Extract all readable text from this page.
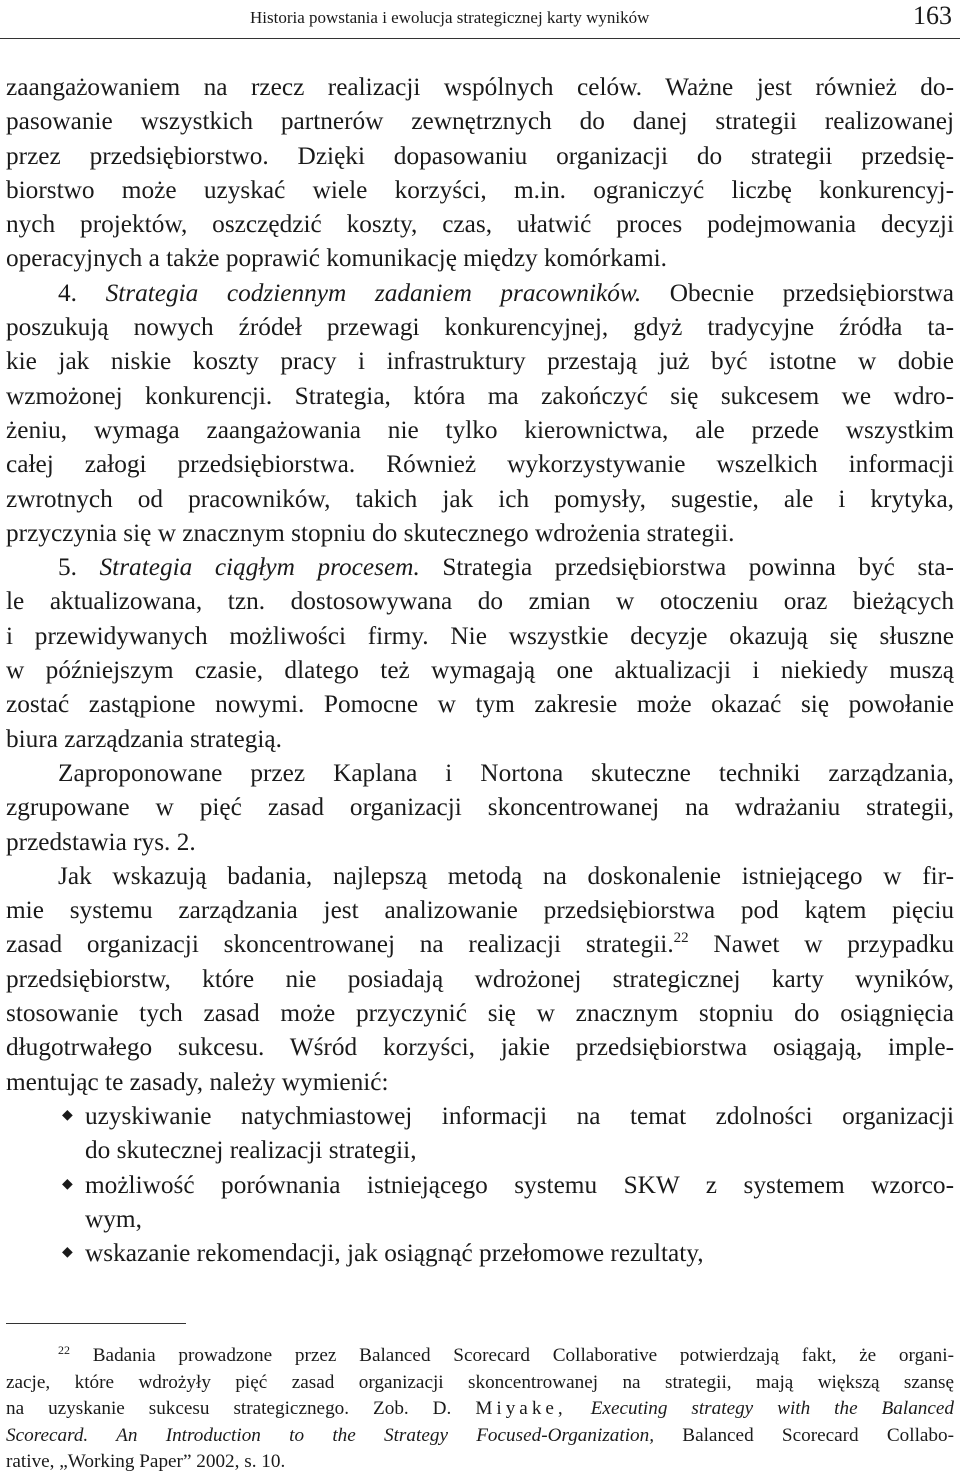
Historia powstania i ewolucja strategicznej karty wyników	163
zaangażowaniem na rzecz realizacji wspólnych celów. Ważne jest również do-
pasowanie wszystkich partnerów zewnętrznych do danej strategii realizowanej
przez przedsiębiorstwo. Dzięki dopasowaniu organizacji do strategii przedsię-
biorstwo może uzyskać wiele korzyści, m.in. ograniczyć liczbę konkurencyj-
nych projektów, oszczędzić koszty, czas, ułatwić proces podejmowania decyzji
operacyjnych a także poprawić komunikację między komórkami.
4. Strategia codziennym zadaniem pracowników. Obecnie przedsiębiorstwa
poszukują nowych źródeł przewagi konkurencyjnej, gdyż tradycyjne źródła ta-
kie jak niskie koszty pracy i infrastruktury przestają już być istotne w dobie
wzmożonej konkurencji. Strategia, która ma zakończyć się sukcesem we wdro-
żeniu, wymaga zaangażowania nie tylko kierownictwa, ale przede wszystkim
całej załogi przedsiębiorstwa. Również wykorzystywanie wszelkich informacji
zwrotnych od pracowników, takich jak ich pomysły, sugestie, ale i krytyka,
przyczynia się w znacznym stopniu do skutecznego wdrożenia strategii.
5. Strategia ciągłym procesem. Strategia przedsiębiorstwa powinna być sta-
le aktualizowana, tzn. dostosowywana do zmian w otoczeniu oraz bieżących
i przewidywanych możliwości firmy. Nie wszystkie decyzje okazują się słuszne
w późniejszym czasie, dlatego też wymagają one aktualizacji i niekiedy muszą
zostać zastąpione nowymi. Pomocne w tym zakresie może okazać się powołanie
biura zarządzania strategią.
Zaproponowane przez Kaplana i Nortona skuteczne techniki zarządzania,
zgrupowane w pięć zasad organizacji skoncentrowanej na wdrażaniu strategii,
przedstawia rys. 2.
Jak wskazują badania, najlepszą metodą na doskonalenie istniejącego w fir-
mie systemu zarządzania jest analizowanie przedsiębiorstwa pod kątem pięciu
zasad organizacji skoncentrowanej na realizacji strategii.$^{22}$ Nawet w przypadku
przedsiębiorstw, które nie posiadają wdrożonej strategicznej karty wyników,
stosowanie tych zasad może przyczynić się w znacznym stopniu do osiągnięcia
długotrwałego sukcesu. Wśród korzyści, jakie przedsiębiorstwa osiągają, imple-
mentując te zasady, należy wymienić:
◆ uzyskiwanie natychmiastowej informacji na temat zdolności organizacji
do skutecznej realizacji strategii,
◆ możliwość porównania istniejącego systemu SKW z systemem wzorco-
wym,
◆ wskazanie rekomendacji, jak osiągnąć przełomowe rezultaty,
$^{22}$ Badania prowadzone przez Balanced Scorecard Collaborative potwierdzają fakt, że organi-
zacje, które wdrożyły pięć zasad organizacji skoncentrowanej na strategii, mają większą szansę
na uzyskanie sukcesu strategicznego. Zob. D. Miyake, Executing strategy with the Balanced
Scorecard. An Introduction to the Strategy Focused-Organization, Balanced Scorecard Collabo-
rative, „Working Paper” 2002, s. 10.
